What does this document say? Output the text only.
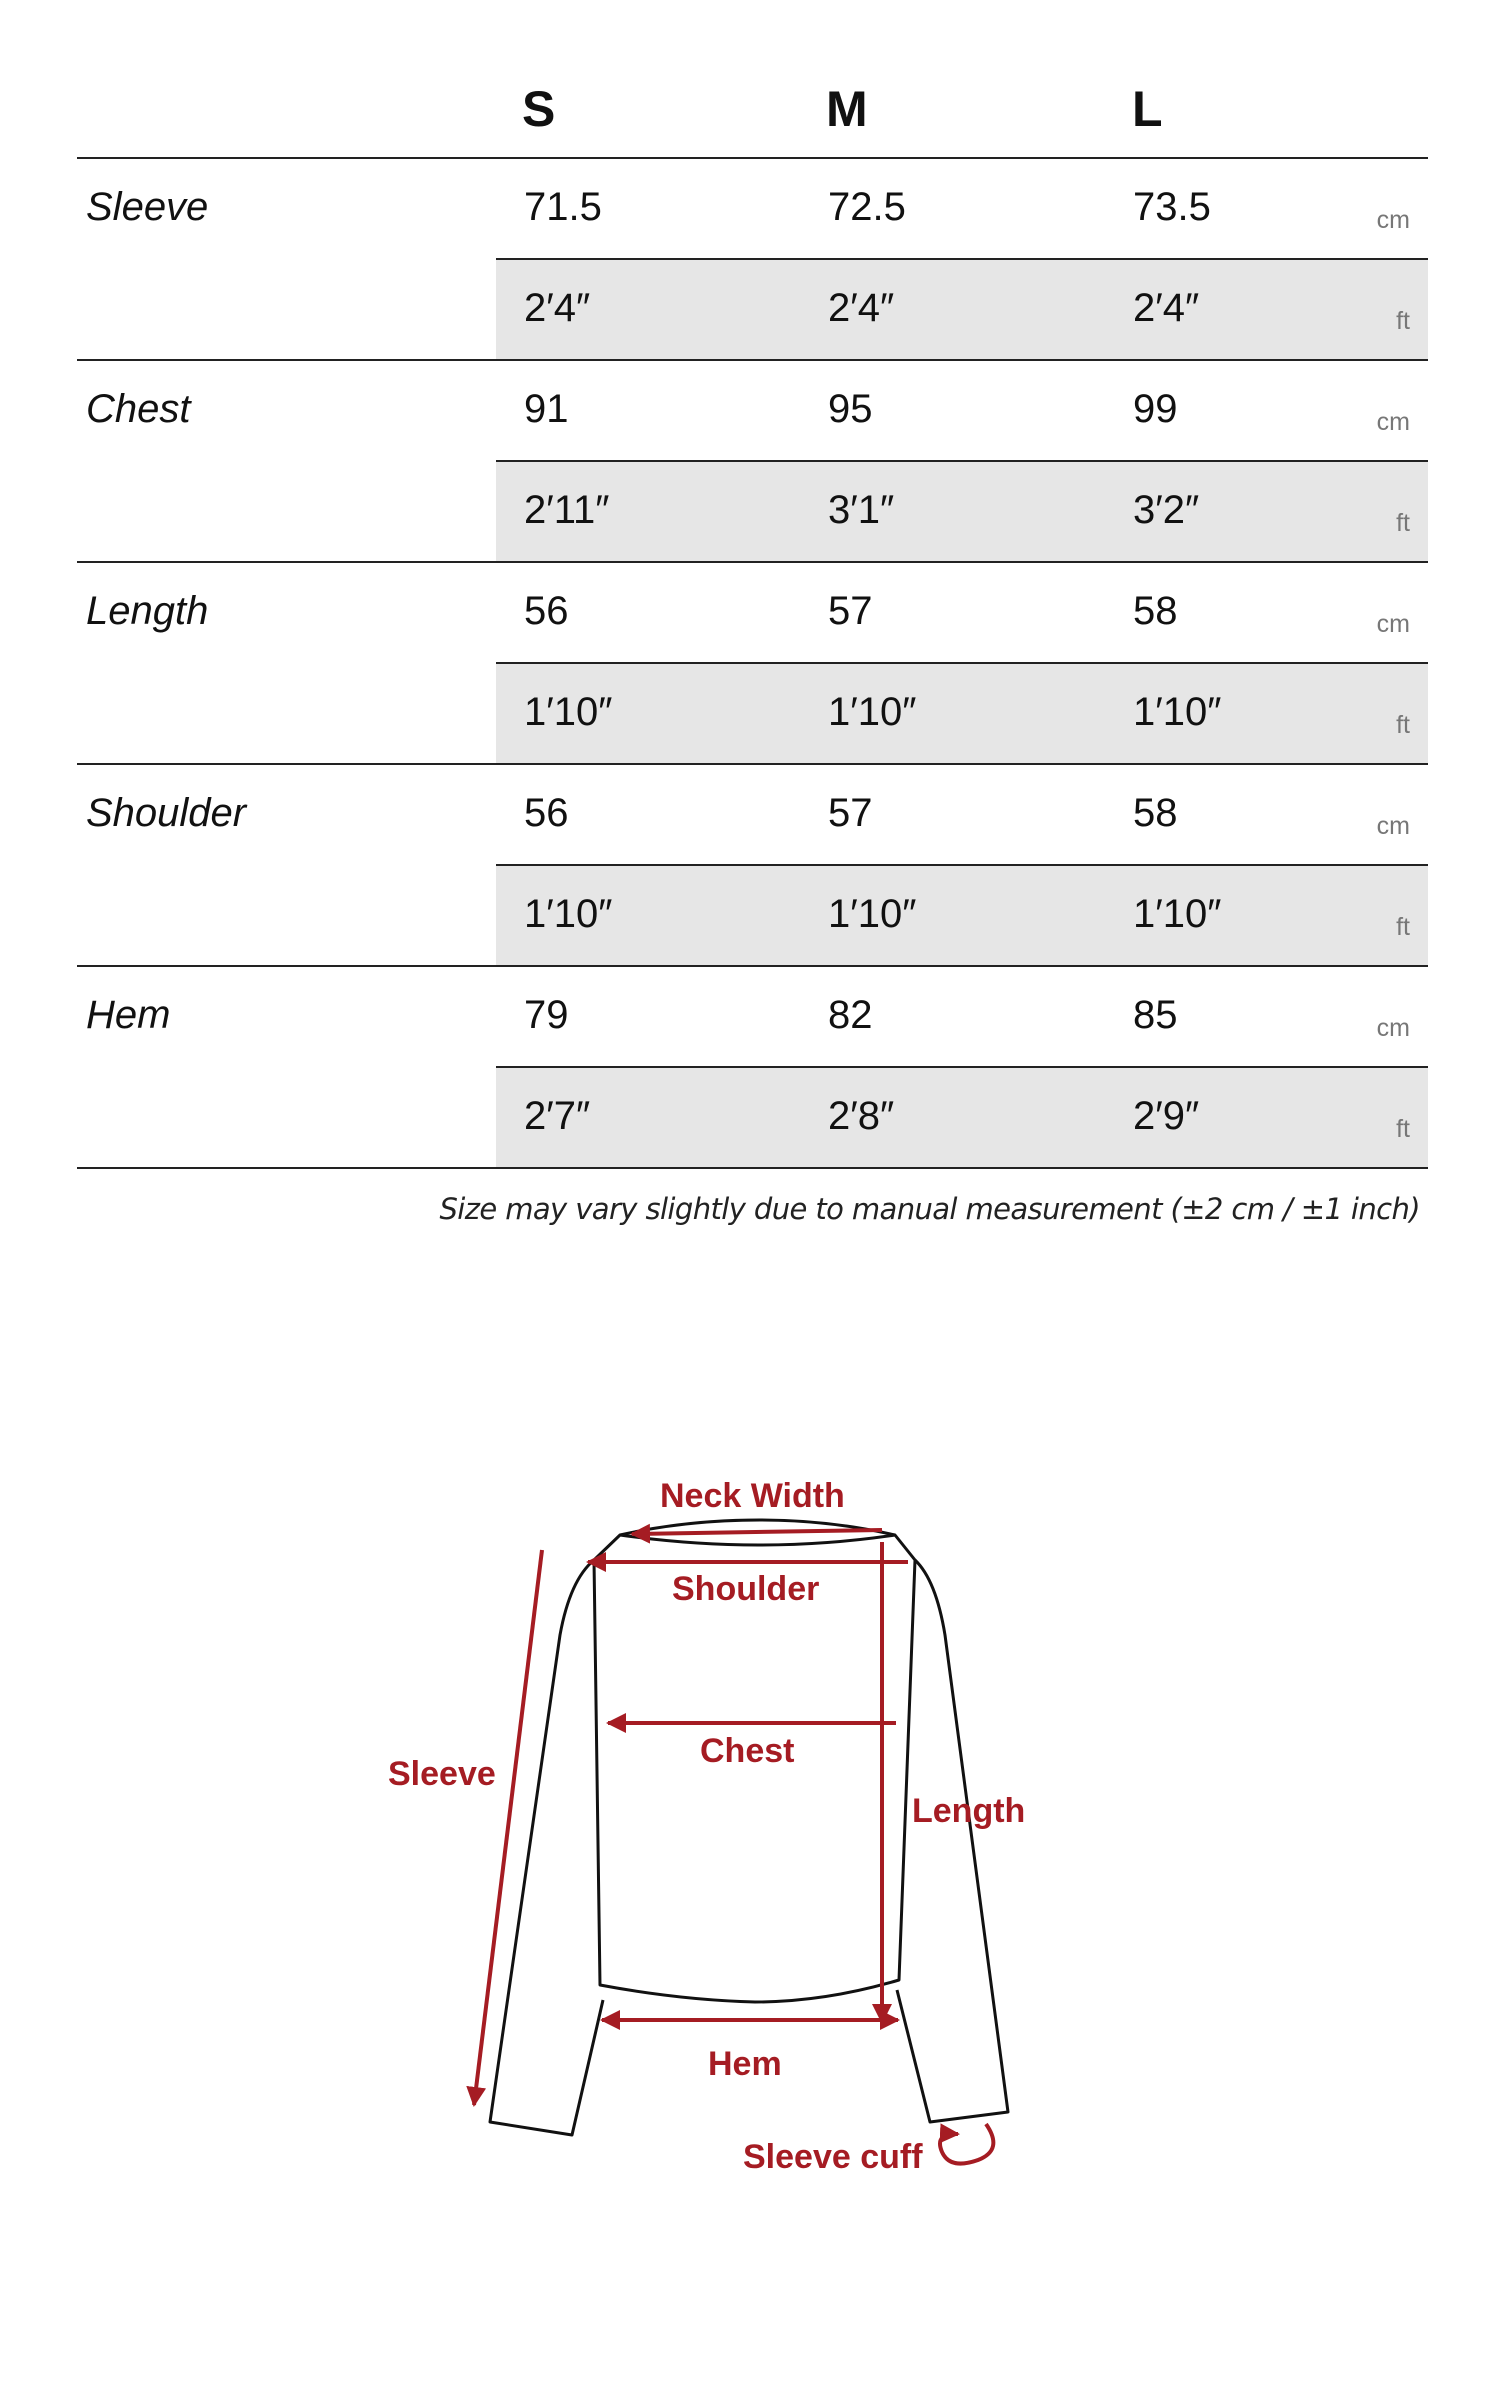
S	M	L
Sleeve	71.5	72.5	73.5	cm
2′4″	2′4″	2′4″	ft
Chest	91	95	99	cm
2′11″	3′1″	3′2″	ft
Length	56	57	58	cm
1′10″	1′10″	1′10″	ft
Shoulder	56	57	58	cm
1′10″	1′10″	1′10″	ft
Hem	79	82	85	cm
2′7″	2′8″	2′9″	ft
Size may vary slightly due to manual measurement (±2 cm / ±1 inch)
Neck Width
Shoulder
Chest
Sleeve
Length
Hem
Sleeve cuff
